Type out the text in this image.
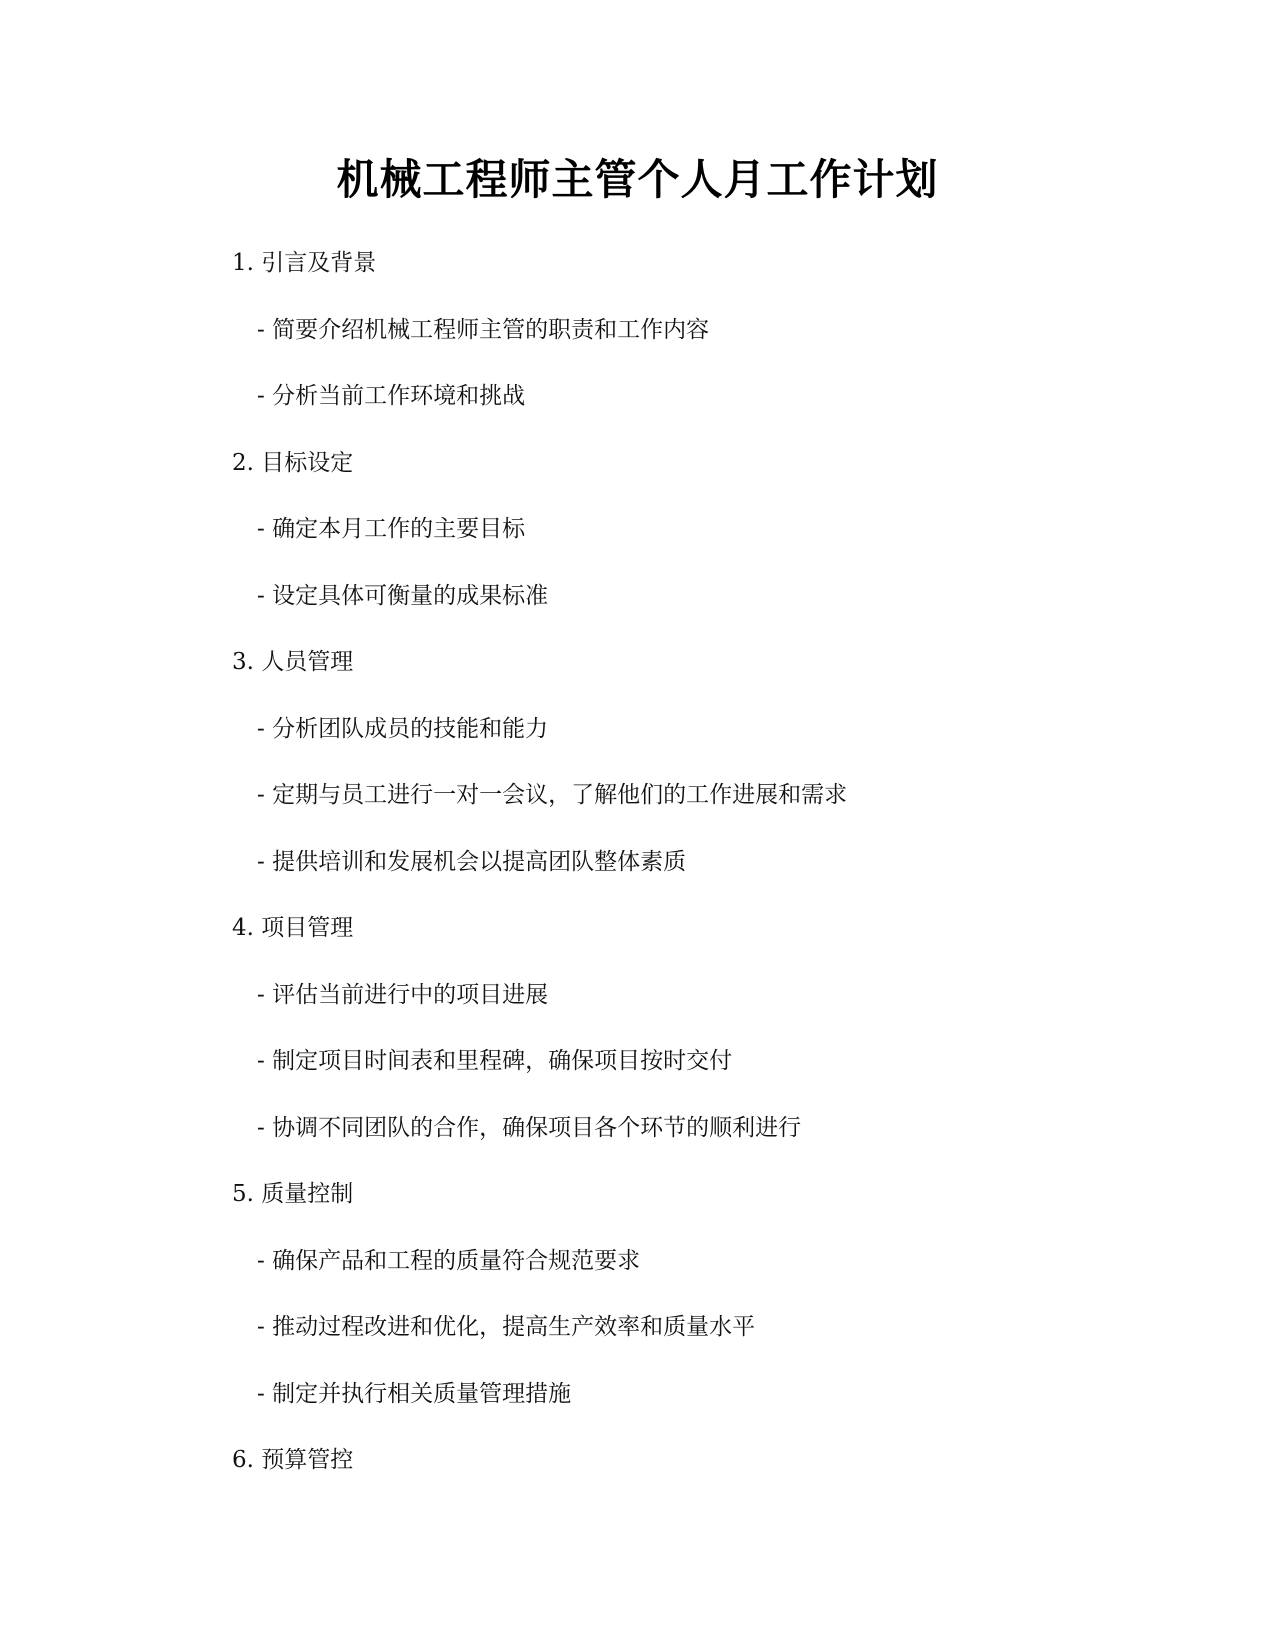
机械工程师主管个人月工作计划
1. 引言及背景
- 简要介绍机械工程师主管的职责和工作内容
- 分析当前工作环境和挑战
2. 目标设定
- 确定本月工作的主要目标
- 设定具体可衡量的成果标准
3. 人员管理
- 分析团队成员的技能和能力
- 定期与员工进行一对一会议，了解他们的工作进展和需求
- 提供培训和发展机会以提高团队整体素质
4. 项目管理
- 评估当前进行中的项目进展
- 制定项目时间表和里程碑，确保项目按时交付
- 协调不同团队的合作，确保项目各个环节的顺利进行
5. 质量控制
- 确保产品和工程的质量符合规范要求
- 推动过程改进和优化，提高生产效率和质量水平
- 制定并执行相关质量管理措施
6. 预算管控
